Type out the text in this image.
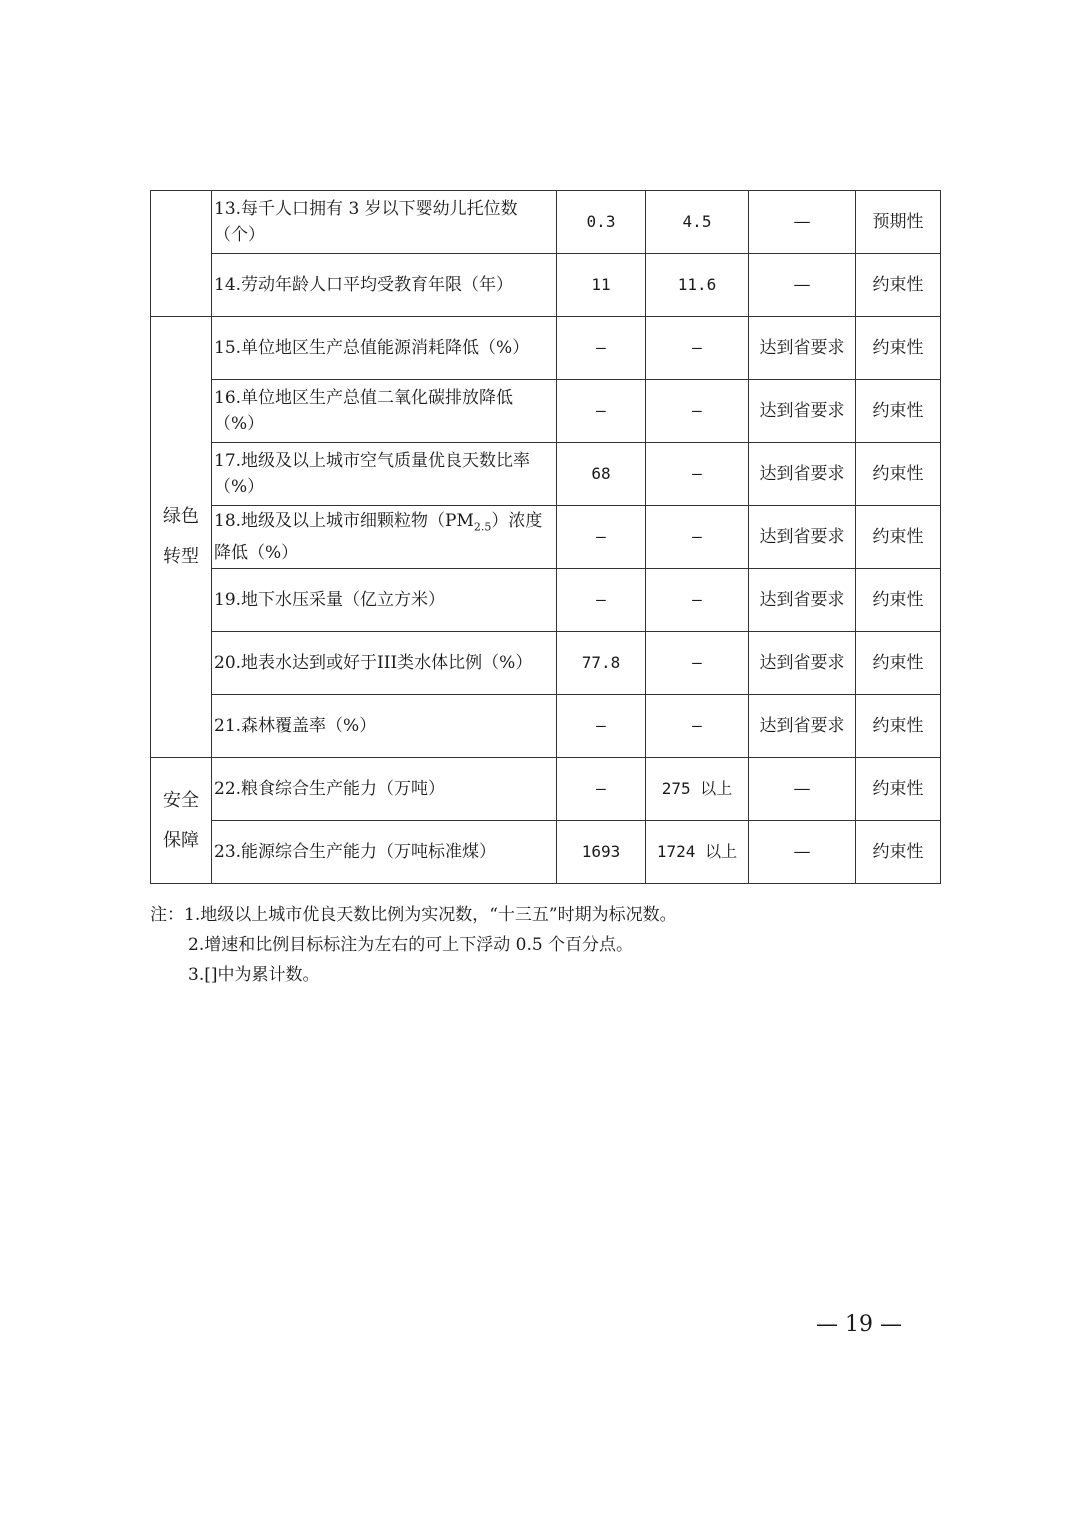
	13.每千人口拥有 3 岁以下婴幼儿托位数（个）	0.3	4.5	—	预期性
	14.劳动年龄人口平均受教育年限（年）	11	11.6	—	约束性

绿色
转型	15.单位地区生产总值能源消耗降低（%）	—	—	达到省要求	约束性
	16.单位地区生产总值二氧化碳排放降低（%）	—	—	达到省要求	约束性
	17.地级及以上城市空气质量优良天数比率（%）	68	—	达到省要求	约束性
	18.地级及以上城市细颗粒物$(PM_{2.5})$浓度降低（%）	—	—	达到省要求	约束性
	19.地下水压采量（亿立方米）	—	—	达到省要求	约束性
	20.地表水达到或好于III类水体比例（%）	77.8	—	达到省要求	约束性
	21.森林覆盖率（%）	—	—	达到省要求	约束性

安全
保障	22.粮食综合生产能力（万吨）	—	275 以上	—	约束性
	23.能源综合生产能力（万吨标准煤）	1693	1724 以上	—	约束性
注：1.地级以上城市优良天数比例为实况数，“十三五”时期为标况数。
2.增速和比例目标标注为左右的可上下浮动 0.5 个百分点。
3.[]中为累计数。
— 19 —
